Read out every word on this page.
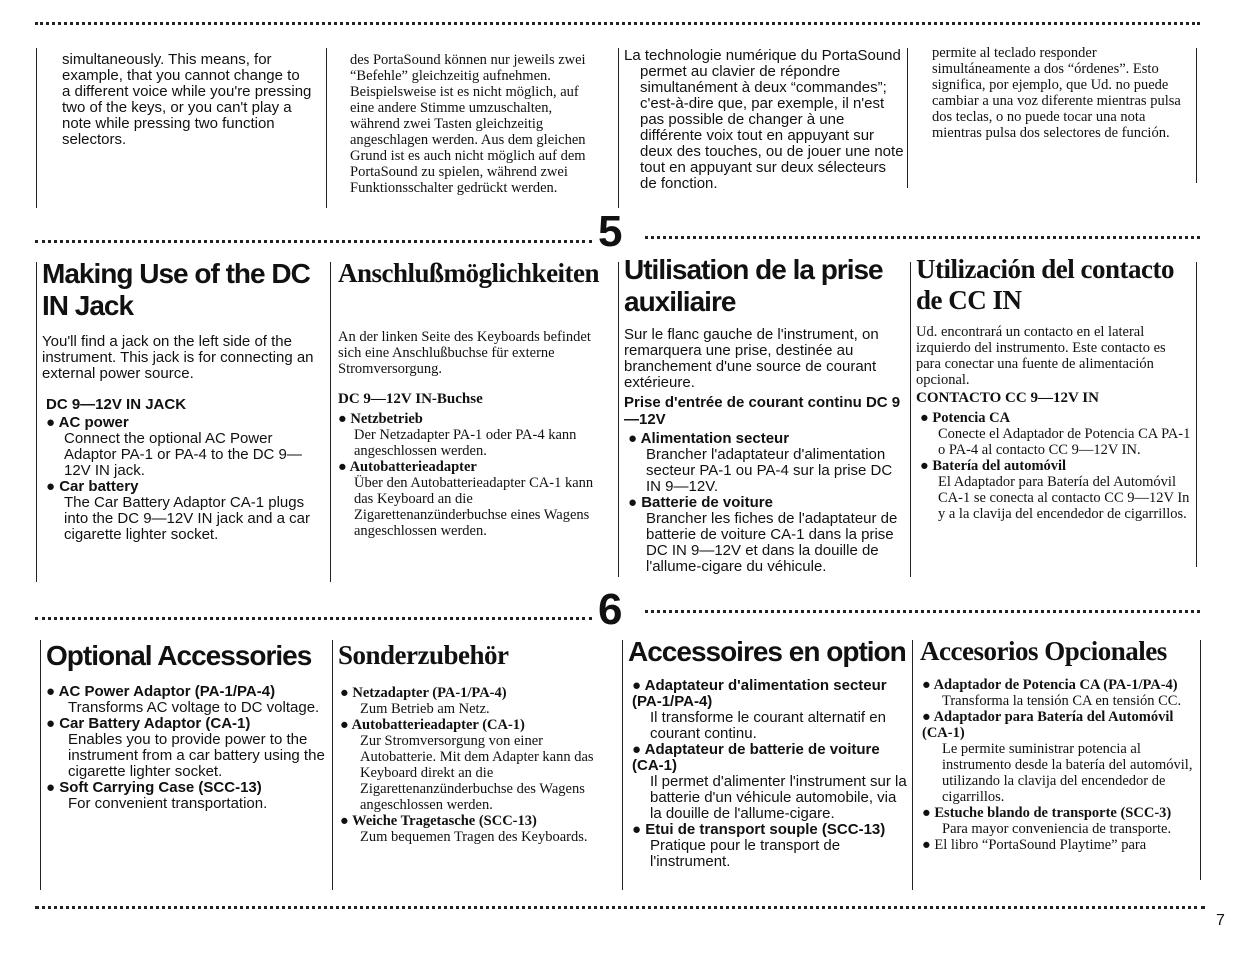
5
6

simultaneously. This means, for example, that you cannot change to a different voice while you're pressing two of the keys, or you can't play a note while pressing two function selectors.

des PortaSound können nur jeweils zwei “Befehle” gleichzeitig aufnehmen. Beispielsweise ist es nicht möglich, auf eine andere Stimme umzuschalten, während zwei Tasten gleichzeitig angeschlagen werden. Aus dem gleichen Grund ist es auch nicht möglich auf dem PortaSound zu spielen, während zwei Funktionsschalter gedrückt werden.

La technologie numérique du PortaSound permet au clavier de répondre simultanément à deux “commandes”; c'est-à-dire que, par exemple, il n'est pas possible de changer à une différente voix tout en appuyant sur deux des touches, ou de jouer une note tout en appuyant sur deux sélecteurs de fonction.

permite al teclado responder simultáneamente a dos “órdenes”. Esto significa, por ejemplo, que Ud. no puede cambiar a una voz diferente mientras pulsa dos teclas, o no puede tocar una nota mientras pulsa dos selectores de función.

Making Use of the DC IN Jack

You'll find a jack on the left side of the instrument. This jack is for connecting an external power source.

DC 9—12V IN JACK
● AC power
Connect the optional AC Power Adaptor PA-1 or PA-4 to the DC 9—12V IN jack.
● Car battery
The Car Battery Adaptor CA-1 plugs into the DC 9—12V IN jack and a car cigarette lighter socket.
Anschlußmöglichkeiten

An der linken Seite des Keyboards befindet sich eine Anschlußbuchse für externe Stromversorgung.

DC 9—12V IN-Buchse
● Netzbetrieb
Der Netzadapter PA-1 oder PA-4 kann angeschlossen werden.
● Autobatterieadapter
Über den Autobatterieadapter CA-1 kann das Keyboard an die Zigarettenanzünderbuchse eines Wagens angeschlossen werden.
Utilisation de la prise auxiliaire

Sur le flanc gauche de l'instrument, on remarquera une prise, destinée au branchement d'une source de courant extérieure.

Prise d'entrée de courant continu DC 9—12V
● Alimentation secteur
Brancher l'adaptateur d'alimentation secteur PA-1 ou PA-4 sur la prise DC IN 9—12V.
● Batterie de voiture
Brancher les fiches de l'adaptateur de batterie de voiture CA-1 dans la prise DC IN 9—12V et dans la douille de l'allume-cigare du véhicule.
Utilización del contacto de CC IN

Ud. encontrará un contacto en el lateral izquierdo del instrumento. Este contacto es para conectar una fuente de alimentación opcional.

CONTACTO CC 9—12V IN
● Potencia CA
Conecte el Adaptador de Potencia CA PA-1 o PA-4 al contacto CC 9—12V IN.
● Batería del automóvil
El Adaptador para Batería del Automóvil CA-1 se conecta al contacto CC 9—12V In y a la clavija del encendedor de cigarrillos.
Optional Accessories
● AC Power Adaptor (PA-1/PA-4)
Transforms AC voltage to DC voltage.
● Car Battery Adaptor (CA-1)
Enables you to provide power to the instrument from a car battery using the cigarette lighter socket.
● Soft Carrying Case (SCC-13)
For convenient transportation.
Sonderzubehör
● Netzadapter (PA-1/PA-4)
Zum Betrieb am Netz.
● Autobatterieadapter (CA-1)
Zur Stromversorgung von einer Autobatterie. Mit dem Adapter kann das Keyboard direkt an die Zigarettenanzünderbuchse des Wagens angeschlossen werden.
● Weiche Tragetasche (SCC-13)
Zum bequemen Tragen des Keyboards.
Accessoires en option
● Adaptateur d'alimentation secteur (PA-1/PA-4)
Il transforme le courant alternatif en courant continu.
● Adaptateur de batterie de voiture (CA-1)
Il permet d'alimenter l'instrument sur la batterie d'un véhicule automobile, via la douille de l'allume-cigare.
● Etui de transport souple (SCC-13)
Pratique pour le transport de l'instrument.
Accesorios Opcionales
● Adaptador de Potencia CA (PA-1/PA-4)
Transforma la tensión CA en tensión CC.
● Adaptador para Batería del Automóvil (CA-1)
Le permite suministrar potencia al instrumento desde la batería del automóvil, utilizando la clavija del encendedor de cigarrillos.
● Estuche blando de transporte (SCC-3)
Para mayor conveniencia de transporte.
● El libro “PortaSound Playtime” para
7
